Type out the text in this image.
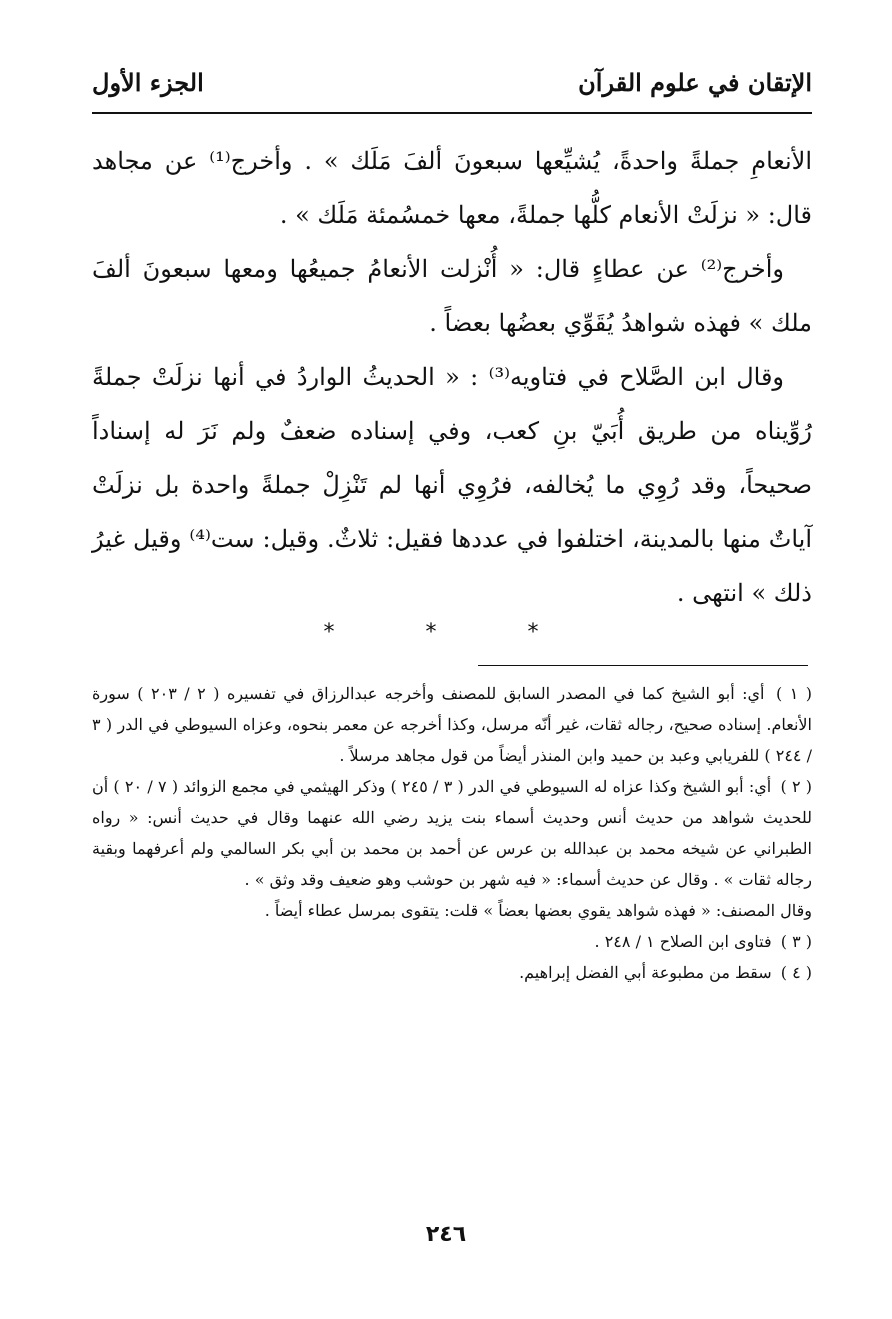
الإتقان في علوم القرآن
الجزء الأول

الأنعامِ جملةً واحدةً، يُشيِّعها سبعونَ ألفَ مَلَك » . وأخرج⁽¹⁾ عن مجاهد قال: « نزلَتْ الأنعام كلُّها جملةً، معها خمسُمئة مَلَك » .

وأخرج⁽²⁾ عن عطاءٍ قال: « أُنْزلت الأنعامُ جميعُها ومعها سبعونَ ألفَ ملك » فهذه شواهدُ يُقَوِّي بعضُها بعضاً .

وقال ابن الصَّلاح في فتاويه⁽³⁾ : « الحديثُ الواردُ في أنها نزلَتْ جملةً رُوِّيناه من طريق أُبَيّ بنِ كعب، وفي إسناده ضعفٌ ولم نَرَ له إسناداً صحيحاً، وقد رُوِي ما يُخالفه، فرُوِي أنها لم تَنْزِلْ جملةً واحدة بل نزلَتْ آياتٌ منها بالمدينة، اختلفوا في عددها فقيل: ثلاثٌ. وقيل: ست⁽⁴⁾ وقيل غيرُ ذلك » انتهى .

* * *

( ١ ) أي: أبو الشيخ كما في المصدر السابق للمصنف وأخرجه عبدالرزاق في تفسيره ( ٢ / ٢٠٣ ) سورة الأنعام. إسناده صحيح، رجاله ثقات، غير أنّه مرسل، وكذا أخرجه عن معمر بنحوه، وعزاه السيوطي في الدر ( ٣ / ٢٤٤ ) للفريابي وعبد بن حميد وابن المنذر أيضاً من قول مجاهد مرسلاً .

( ٢ ) أي: أبو الشيخ وكذا عزاه له السيوطي في الدر ( ٣ / ٢٤٥ ) وذكر الهيثمي في مجمع الزوائد ( ٧ / ٢٠ ) أن للحديث شواهد من حديث أنس وحديث أسماء بنت يزيد رضي الله عنهما وقال في حديث أنس: « رواه الطبراني عن شيخه محمد بن عبدالله بن عرس عن أحمد بن محمد بن أبي بكر السالمي ولم أعرفهما وبقية رجاله ثقات » . وقال عن حديث أسماء: « فيه شهر بن حوشب وهو ضعيف وقد وثق » .

وقال المصنف: « فهذه شواهد يقوي بعضها بعضاً » قلت: يتقوى بمرسل عطاء أيضاً .

( ٣ ) فتاوى ابن الصلاح ١ / ٢٤٨ .

( ٤ ) سقط من مطبوعة أبي الفضل إبراهيم.

٢٤٦
